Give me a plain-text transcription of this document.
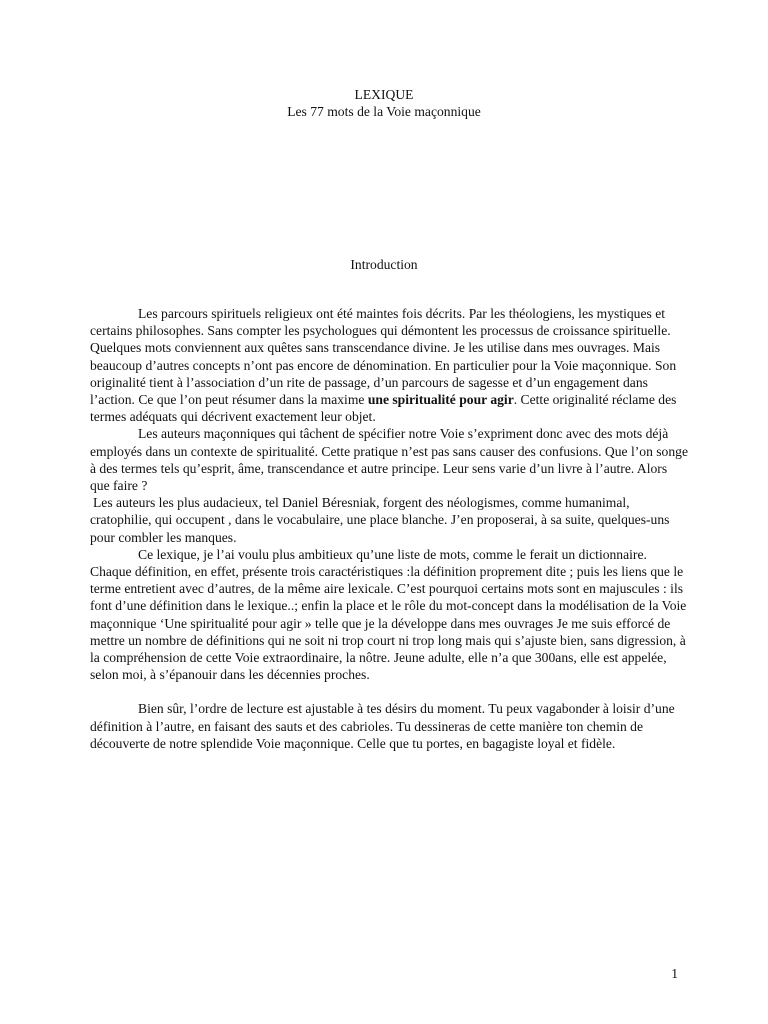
LEXIQUE
Les 77 mots de la Voie maçonnique
Introduction

Les parcours spirituels religieux ont été maintes fois décrits. Par les théologiens, les mystiques et certains philosophes. Sans compter les psychologues qui démontent les processus de croissance spirituelle. Quelques mots conviennent aux quêtes sans transcendance divine. Je les utilise dans mes ouvrages. Mais beaucoup d’autres concepts n’ont pas encore de dénomination. En particulier pour la Voie maçonnique. Son originalité tient à l’association d’un rite de passage, d’un parcours de sagesse et d’un engagement dans l’action. Ce que l’on peut résumer dans la maxime une spiritualité pour agir. Cette originalité réclame des termes adéquats qui décrivent exactement leur objet.

Les auteurs maçonniques qui tâchent de spécifier notre Voie s’expriment donc avec des mots déjà employés dans un contexte de spiritualité. Cette pratique n’est pas sans causer des confusions. Que l’on songe à des termes tels qu’esprit, âme, transcendance et autre principe. Leur sens varie d’un livre à l’autre. Alors que faire ?

Les auteurs les plus audacieux, tel Daniel Béresniak, forgent des néologismes, comme humanimal, cratophilie, qui occupent , dans le vocabulaire, une place blanche. J’en proposerai, à sa suite, quelques-uns pour combler les manques.

Ce lexique, je l’ai voulu plus ambitieux qu’une liste de mots, comme le ferait un dictionnaire. Chaque définition, en effet, présente trois caractéristiques :la définition proprement dite ; puis les liens que le terme entretient avec d’autres, de la même aire lexicale. C’est pourquoi certains mots sont en majuscules : ils font d’une définition dans le lexique..; enfin la place et le rôle du mot-concept dans la modélisation de la Voie maçonnique ‘Une spiritualité pour agir » telle que je la développe dans mes ouvrages Je me suis efforcé de mettre un nombre de définitions qui ne soit ni trop court ni trop long mais qui s’ajuste bien, sans digression, à la compréhension de cette Voie extraordinaire, la nôtre. Jeune adulte, elle n’a que 300ans, elle est appelée, selon moi, à s’épanouir dans les décennies proches.

Bien sûr, l’ordre de lecture est ajustable à tes désirs du moment. Tu peux vagabonder à loisir d’une définition à l’autre, en faisant des sauts et des cabrioles. Tu dessineras de cette manière ton chemin de découverte de notre splendide Voie maçonnique. Celle que tu portes, en bagagiste loyal et fidèle.

1
